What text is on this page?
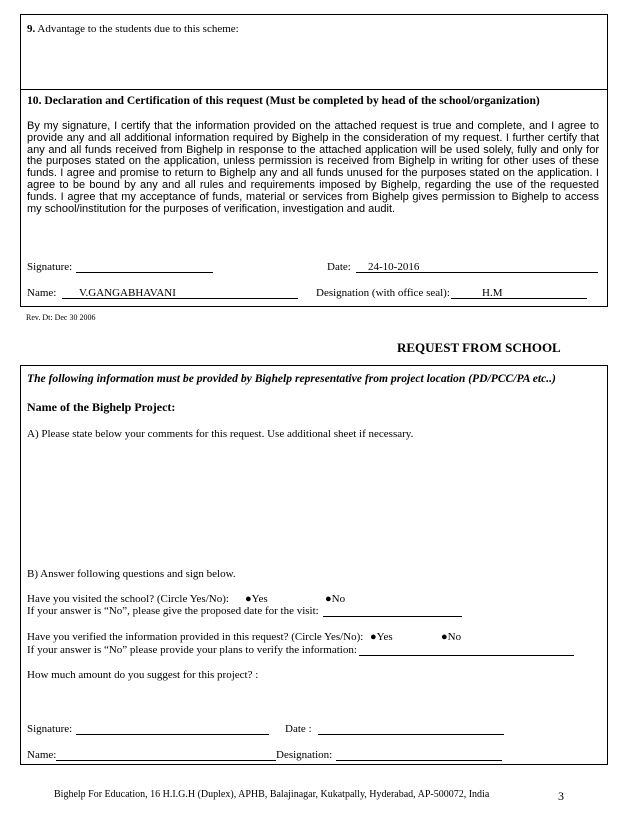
9. Advantage to the students due to this scheme:
10. Declaration and Certification of this request (Must be completed by head of the school/organization)
By my signature, I certify that the information provided on the attached request is true and complete, and I agree to provide any and all additional information required by Bighelp in the consideration of my request. I further certify that any and all funds received from Bighelp in response to the attached application will be used solely, fully and only for the purposes stated on the application, unless permission is received from Bighelp in writing for other uses of these funds. I agree and promise to return to Bighelp any and all funds unused for the purposes stated on the application. I agree to be bound by any and all rules and requirements imposed by Bighelp, regarding the use of the requested funds. I agree that my acceptance of funds, material or services from Bighelp gives permission to Bighelp to access my school/institution for the purposes of verification, investigation and audit.
Signature:	Date: 24-10-2016
Name: V.GANGABHAVANI	Designation (with office seal):	H.M
Rev. Dt: Dec 30 2006
REQUEST FROM SCHOOL
The following information must be provided by Bighelp representative from project location (PD/PCC/PA etc..)
Name of the Bighelp Project:
A) Please state below your comments for this request. Use additional sheet if necessary.
B) Answer following questions and sign below.
Have you visited the school? (Circle Yes/No): ●Yes	●No
If your answer is “No”, please give the proposed date for the visit:
Have you verified the information provided in this request? (Circle Yes/No): ●Yes	●No
If your answer is “No” please provide your plans to verify the information:
How much amount do you suggest for this project? :
Signature:	Date :
Name:	Designation:
Bighelp For Education, 16 H.I.G.H (Duplex), APHB, Balajinagar, Kukatpally, Hyderabad, AP-500072, India	3
